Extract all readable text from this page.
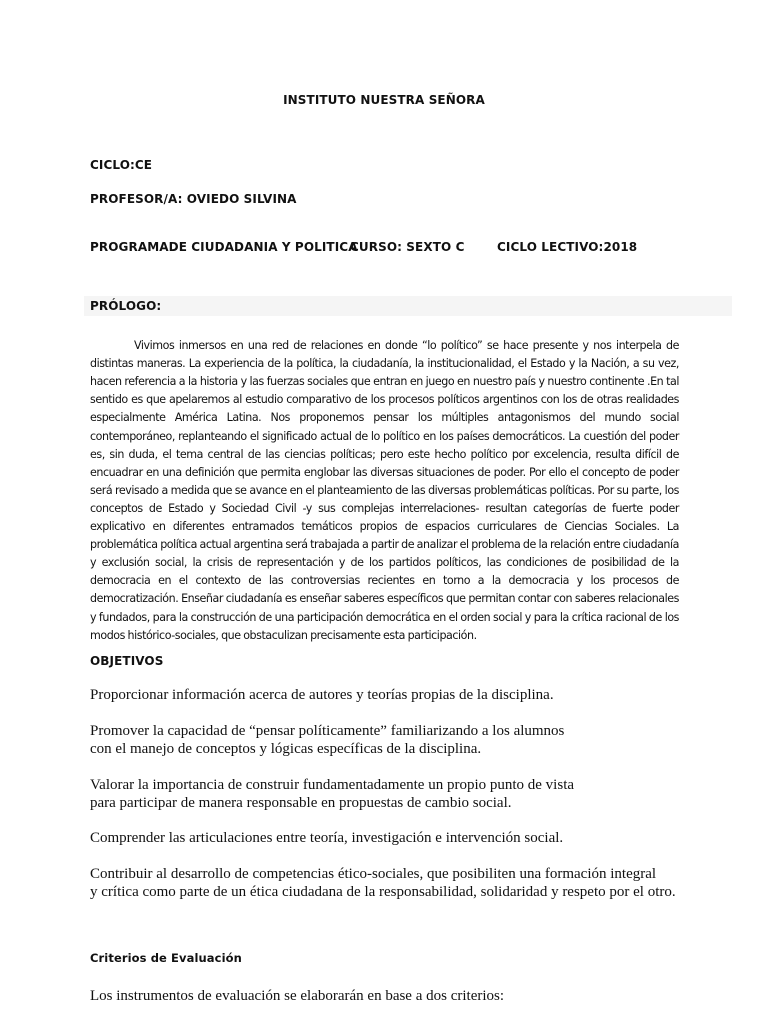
INSTITUTO NUESTRA SEÑORA

CICLO:CE

PROFESOR/A: OVIEDO SILVINA

PROGRAMADE CIUDADANIA Y POLITICA

CURSO: SEXTO C	CICLO LECTIVO:2018

PRÓLOGO:

Vivimos inmersos en una red de relaciones en donde “lo político” se hace presente y nos interpela de distintas maneras. La experiencia de la política, la ciudadanía, la institucionalidad, el Estado y la Nación, a su vez, hacen referencia a la historia y las fuerzas sociales que entran en juego en nuestro país y nuestro continente .En tal sentido es que apelaremos al estudio comparativo de los procesos políticos argentinos con los de otras realidades especialmente América Latina. Nos proponemos pensar los múltiples antagonismos del mundo social contemporáneo, replanteando el significado actual de lo político en los países democráticos. La cuestión del poder es, sin duda, el tema central de las ciencias políticas; pero este hecho político por excelencia, resulta difícil de encuadrar en una definición que permita englobar las diversas situaciones de poder. Por ello el concepto de poder será revisado a medida que se avance en el planteamiento de las diversas problemáticas políticas. Por su parte, los conceptos de Estado y Sociedad Civil -y sus complejas interrelaciones- resultan categorías de fuerte poder explicativo en diferentes entramados temáticos propios de espacios curriculares de Ciencias Sociales. La problemática política actual argentina será trabajada a partir de analizar el problema de la relación entre ciudadanía y exclusión social, la crisis de representación y de los partidos políticos, las condiciones de posibilidad de la democracia en el contexto de las controversias recientes en torno a la democracia y los procesos de democratización. Enseñar ciudadanía es enseñar saberes específicos que permitan contar con saberes relacionales y fundados, para la construcción de una participación democrática en el orden social y para la crítica racional de los modos histórico-sociales, que obstaculizan precisamente esta participación.

OBJETIVOS

Proporcionar información acerca de autores y teorías propias de la disciplina.

Promover la capacidad de “pensar políticamente” familiarizando a los alumnos
con el manejo de conceptos y lógicas específicas de la disciplina.

Valorar la importancia de construir fundamentadamente un propio punto de vista
para participar de manera responsable en propuestas de cambio social.

Comprender las articulaciones entre teoría, investigación e intervención social.

Contribuir al desarrollo de competencias ético-sociales, que posibiliten una formación integral
y crítica como parte de un ética ciudadana de la responsabilidad, solidaridad y respeto por el otro.

Criterios de Evaluación

Los instrumentos de evaluación se elaborarán en base a dos criterios:
